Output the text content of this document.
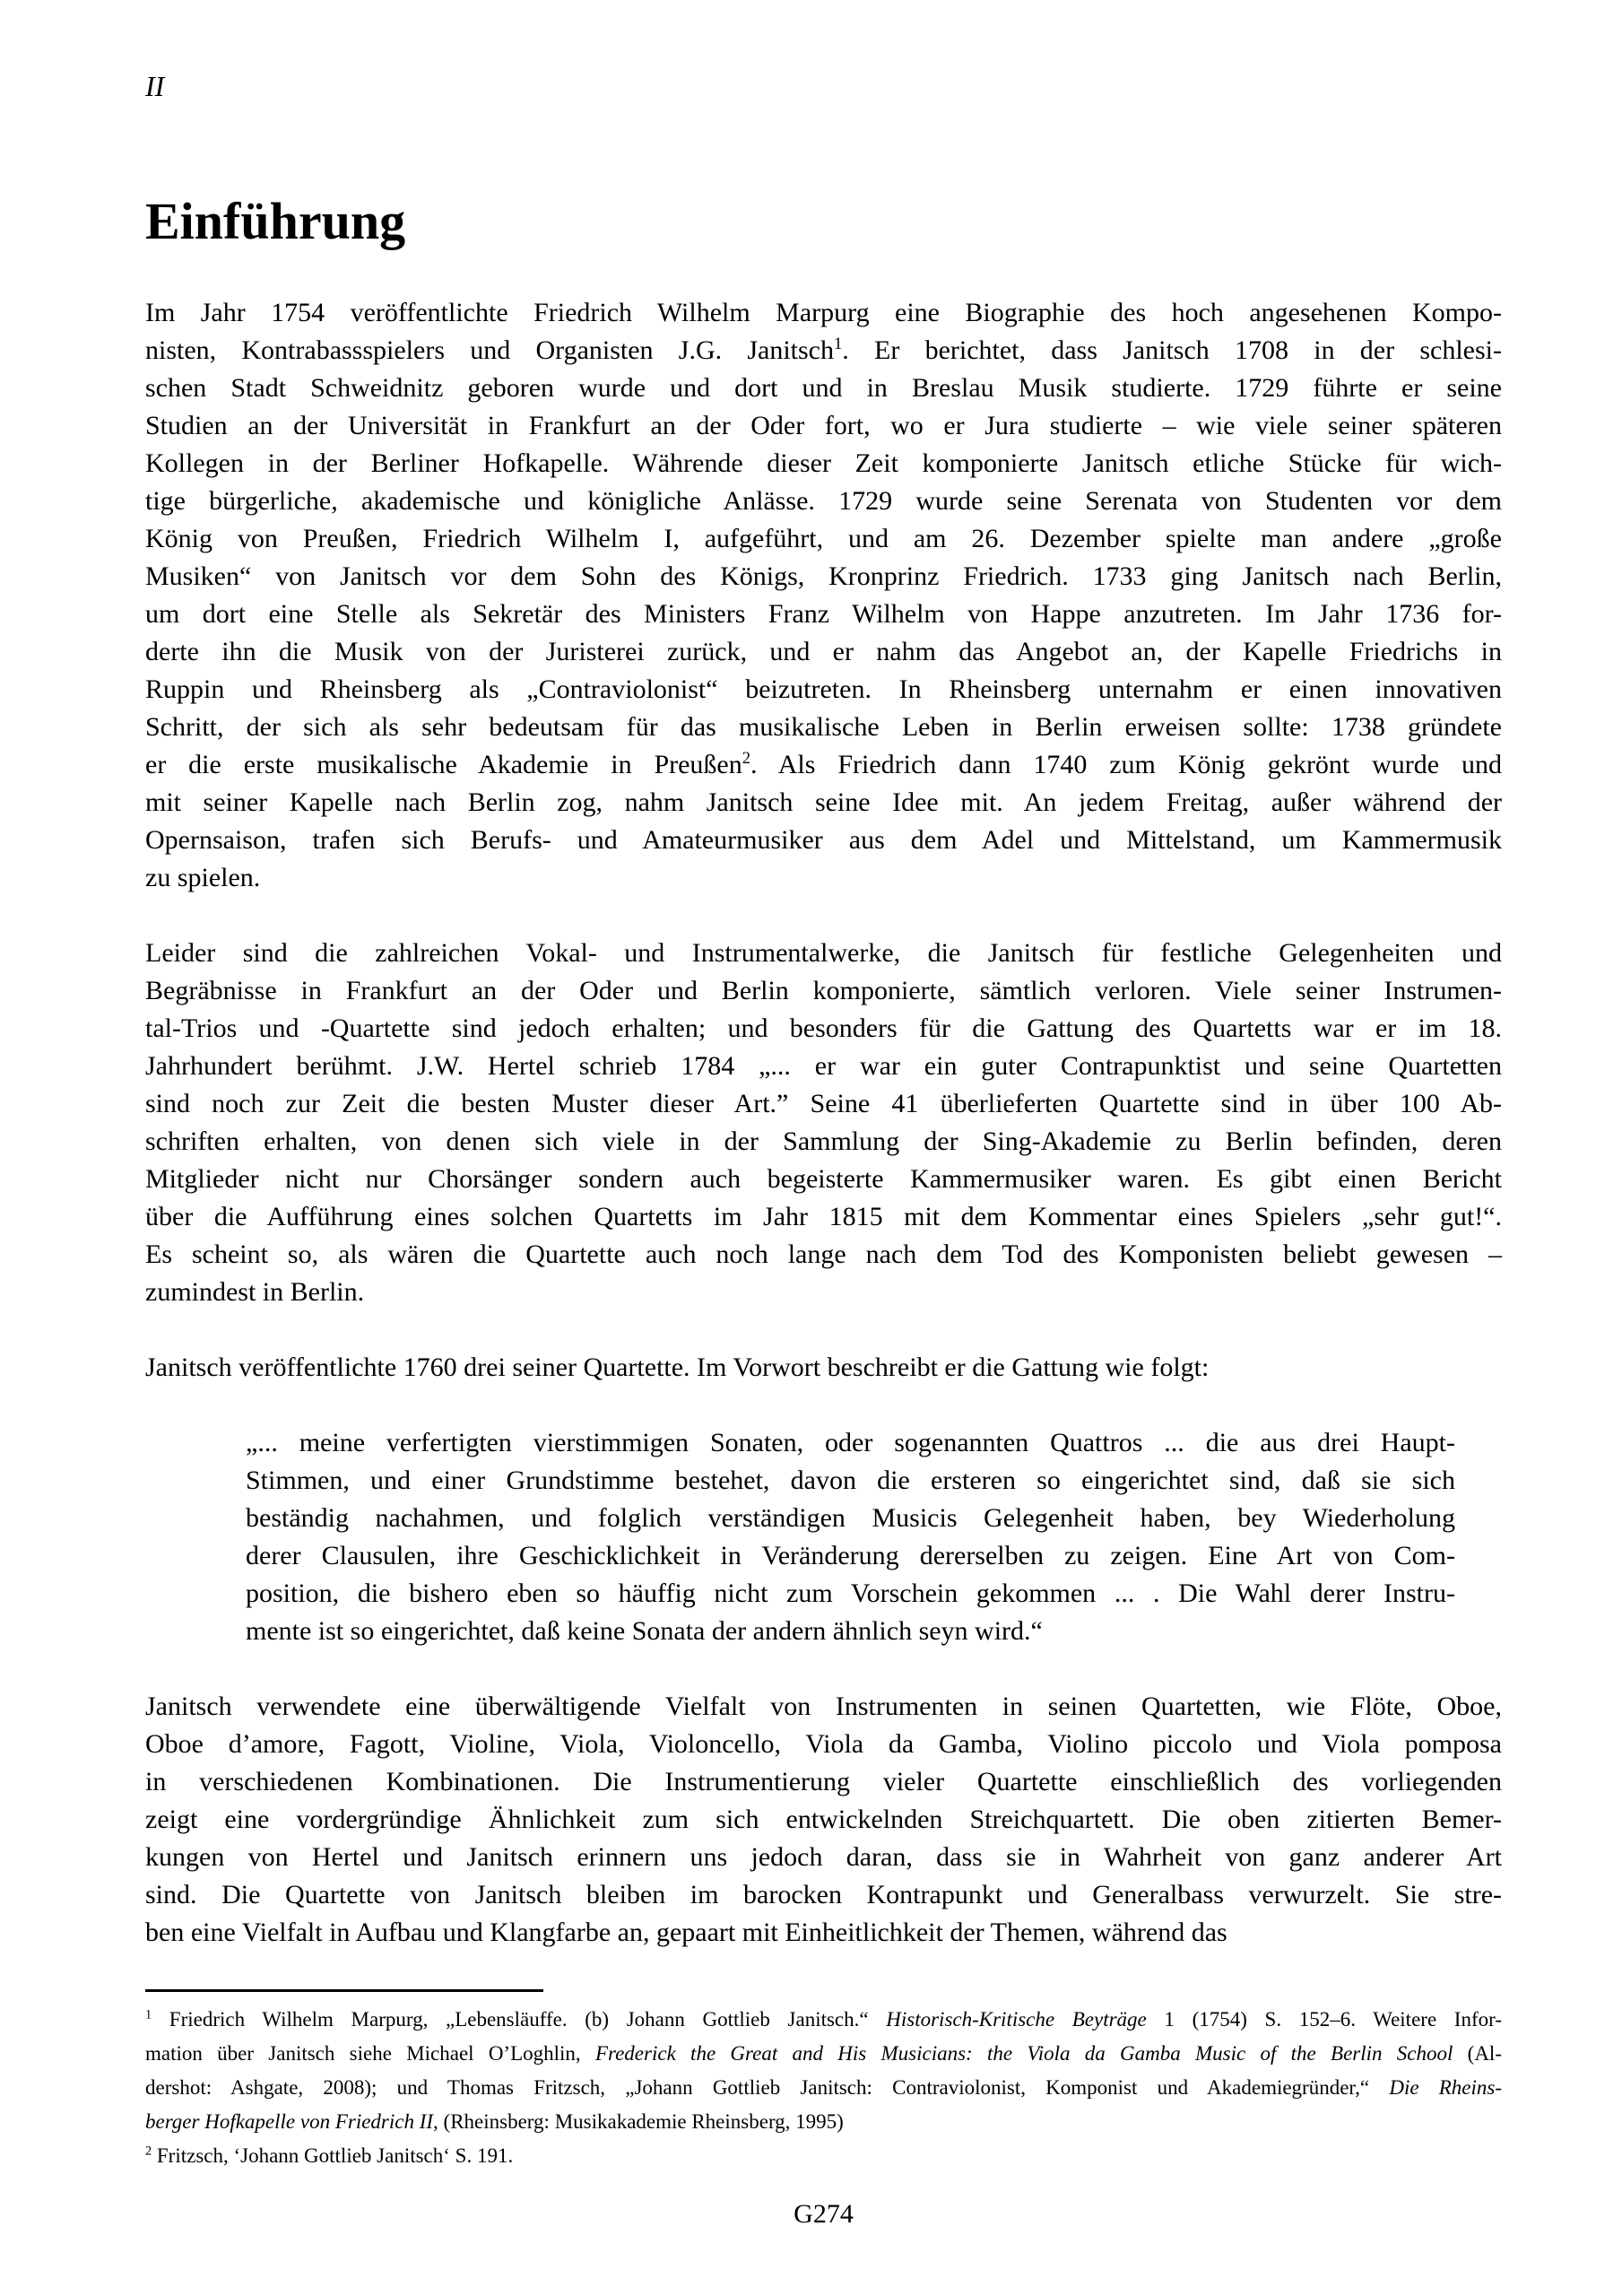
II
Einführung
Im Jahr 1754 veröffentlichte Friedrich Wilhelm Marpurg eine Biographie des hoch angesehenen Kompo-
nisten, Kontrabassspielers und Organisten J.G. Janitsch$^1$. Er berichtet, dass Janitsch 1708 in der schlesi-
schen Stadt Schweidnitz geboren wurde und dort und in Breslau Musik studierte. 1729 führte er seine
Studien an der Universität in Frankfurt an der Oder fort, wo er Jura studierte – wie viele seiner späteren
Kollegen in der Berliner Hofkapelle. Währende dieser Zeit komponierte Janitsch etliche Stücke für wich-
tige bürgerliche, akademische und königliche Anlässe. 1729 wurde seine Serenata von Studenten vor dem
König von Preußen, Friedrich Wilhelm I, aufgeführt, und am 26. Dezember spielte man andere „große
Musiken“ von Janitsch vor dem Sohn des Königs, Kronprinz Friedrich. 1733 ging Janitsch nach Berlin,
um dort eine Stelle als Sekretär des Ministers Franz Wilhelm von Happe anzutreten. Im Jahr 1736 for-
derte ihn die Musik von der Juristerei zurück, und er nahm das Angebot an, der Kapelle Friedrichs in
Ruppin und Rheinsberg als „Contraviolonist“ beizutreten. In Rheinsberg unternahm er einen innovativen
Schritt, der sich als sehr bedeutsam für das musikalische Leben in Berlin erweisen sollte: 1738 gründete
er die erste musikalische Akademie in Preußen$^2$. Als Friedrich dann 1740 zum König gekrönt wurde und
mit seiner Kapelle nach Berlin zog, nahm Janitsch seine Idee mit. An jedem Freitag, außer während der
Opernsaison, trafen sich Berufs- und Amateurmusiker aus dem Adel und Mittelstand, um Kammermusik
zu spielen.
Leider sind die zahlreichen Vokal- und Instrumentalwerke, die Janitsch für festliche Gelegenheiten und
Begräbnisse in Frankfurt an der Oder und Berlin komponierte, sämtlich verloren. Viele seiner Instrumen-
tal-Trios und -Quartette sind jedoch erhalten; und besonders für die Gattung des Quartetts war er im 18.
Jahrhundert berühmt. J.W. Hertel schrieb 1784 „... er war ein guter Contrapunktist und seine Quartetten
sind noch zur Zeit die besten Muster dieser Art.” Seine 41 überlieferten Quartette sind in über 100 Ab-
schriften erhalten, von denen sich viele in der Sammlung der Sing-Akademie zu Berlin befinden, deren
Mitglieder nicht nur Chorsänger sondern auch begeisterte Kammermusiker waren. Es gibt einen Bericht
über die Aufführung eines solchen Quartetts im Jahr 1815 mit dem Kommentar eines Spielers „sehr gut!“.
Es scheint so, als wären die Quartette auch noch lange nach dem Tod des Komponisten beliebt gewesen –
zumindest in Berlin.
Janitsch veröffentlichte 1760 drei seiner Quartette. Im Vorwort beschreibt er die Gattung wie folgt:
„... meine verfertigten vierstimmigen Sonaten, oder sogenannten Quattros ... die aus drei Haupt-
Stimmen, und einer Grundstimme bestehet, davon die ersteren so eingerichtet sind, daß sie sich
beständig nachahmen, und folglich verständigen Musicis Gelegenheit haben, bey Wiederholung
derer Clausulen, ihre Geschicklichkeit in Veränderung dererselben zu zeigen. Eine Art von Com-
position, die bishero eben so häuffig nicht zum Vorschein gekommen ... . Die Wahl derer Instru-
mente ist so eingerichtet, daß keine Sonata der andern ähnlich seyn wird.“
Janitsch verwendete eine überwältigende Vielfalt von Instrumenten in seinen Quartetten, wie Flöte, Oboe,
Oboe d’amore, Fagott, Violine, Viola, Violoncello, Viola da Gamba, Violino piccolo und Viola pomposa
in verschiedenen Kombinationen. Die Instrumentierung vieler Quartette einschließlich des vorliegenden
zeigt eine vordergründige Ähnlichkeit zum sich entwickelnden Streichquartett. Die oben zitierten Bemer-
kungen von Hertel und Janitsch erinnern uns jedoch daran, dass sie in Wahrheit von ganz anderer Art
sind. Die Quartette von Janitsch bleiben im barocken Kontrapunkt und Generalbass verwurzelt. Sie stre-
ben eine Vielfalt in Aufbau und Klangfarbe an, gepaart mit Einheitlichkeit der Themen, während das
$^1$ Friedrich Wilhelm Marpurg, „Lebensläuffe. (b) Johann Gottlieb Janitsch.“ Historisch-Kritische Beyträge 1 (1754) S. 152–6. Weitere Infor-
mation über Janitsch siehe Michael O’Loghlin, Frederick the Great and His Musicians: the Viola da Gamba Music of the Berlin School (Al-
dershot: Ashgate, 2008); und Thomas Fritzsch, „Johann Gottlieb Janitsch: Contraviolonist, Komponist und Akademiegründer,“ Die Rheins-
berger Hofkapelle von Friedrich II, (Rheinsberg: Musikakademie Rheinsberg, 1995)
$^2$ Fritzsch, ‘Johann Gottlieb Janitsch‘ S. 191.
G274
